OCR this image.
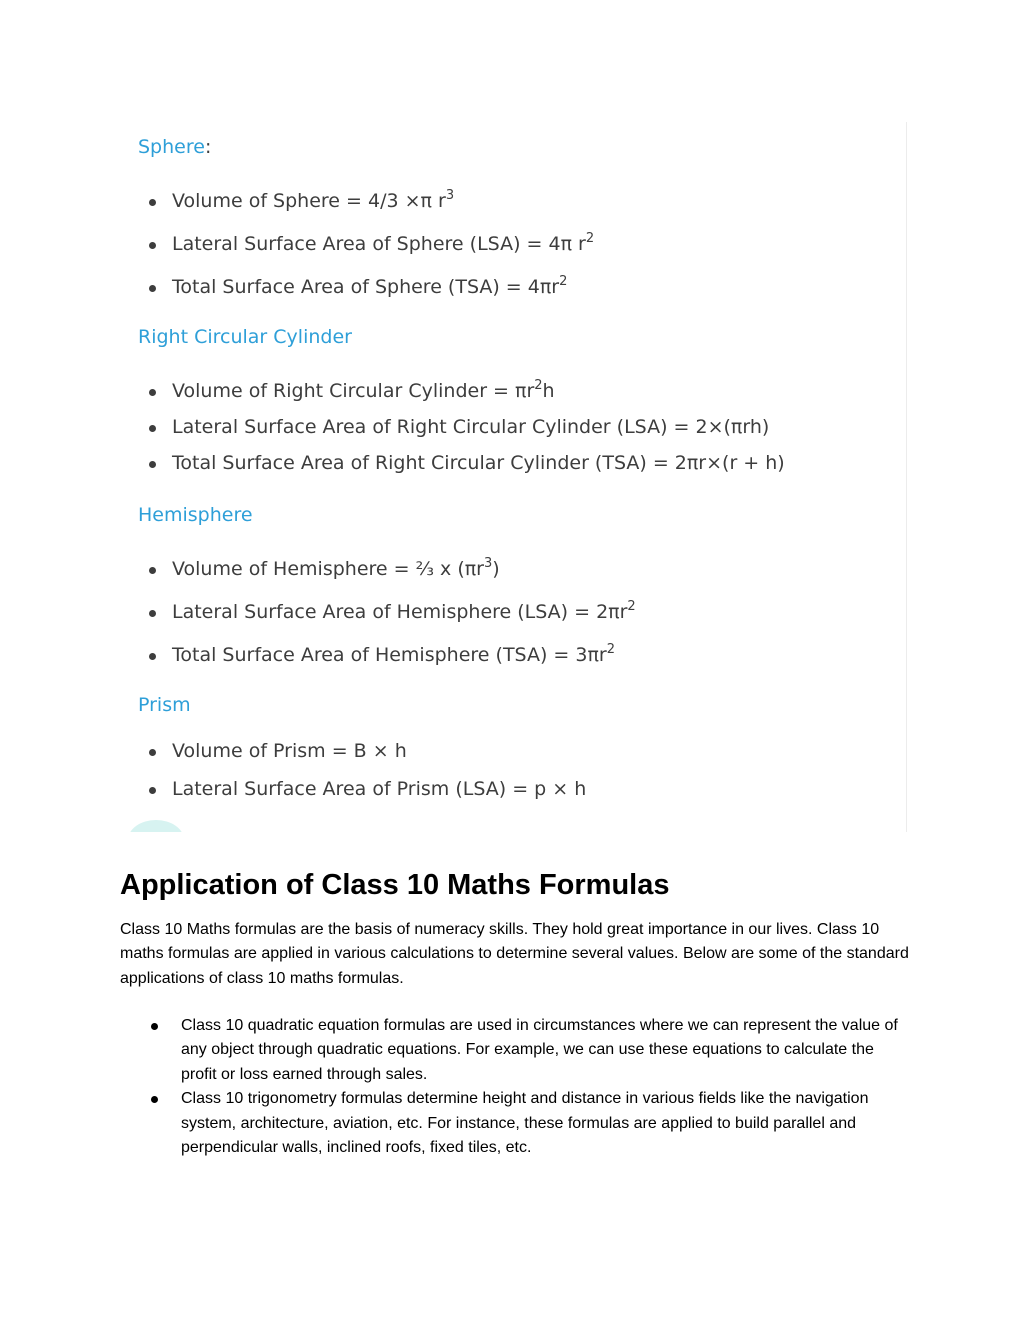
Sphere:
Volume of Sphere = 4/3 ×π $r^3$
Lateral Surface Area of Sphere (LSA) = 4π $r^2$
Total Surface Area of Sphere $(TSA) = 4\pi r^2$
Right Circular Cylinder
Volume of Right Circular Cylinder = $\pi r^2h$
Lateral Surface Area of Right Circular Cylinder (LSA) = 2×(πrh)
Total Surface Area of Right Circular Cylinder (TSA) = 2πr×(r + h)
Hemisphere
Volume of Hemisphere = ⅔ x $(\pi r^3)$
Lateral Surface Area of Hemisphere $(LSA) = 2\pi r^2$
Total Surface Area of Hemisphere $(TSA) = 3\pi r^2$
Prism
Volume of Prism = B × h
Lateral Surface Area of Prism (LSA) = p × h
Application of Class 10 Maths Formulas

Class 10 Maths formulas are the basis of numeracy skills. They hold great importance in our lives. Class 10 maths formulas are applied in various calculations to determine several values. Below are some of the standard applications of class 10 maths formulas.

Class 10 quadratic equation formulas are used in circumstances where we can represent the value of any object through quadratic equations. For example, we can use these equations to calculate the profit or loss earned through sales.
Class 10 trigonometry formulas determine height and distance in various fields like the navigation system, architecture, aviation, etc. For instance, these formulas are applied to build parallel and perpendicular walls, inclined roofs, fixed tiles, etc.
